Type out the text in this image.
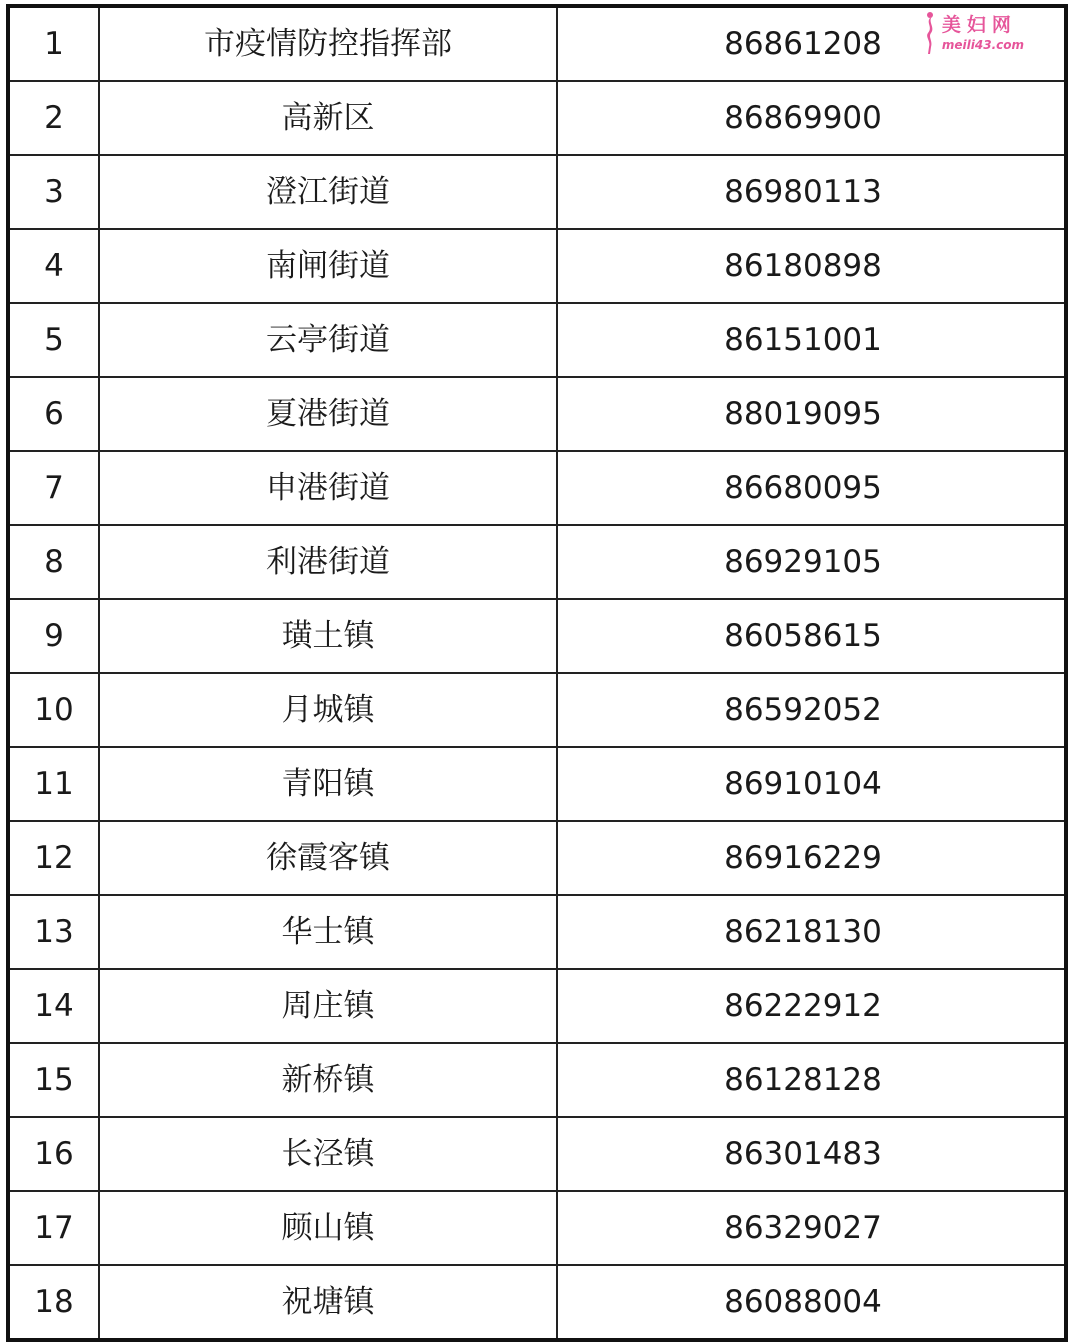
1	市疫情防控指挥部	86861208
2	高新区	86869900
3	澄江街道	86980113
4	南闸街道	86180898
5	云亭街道	86151001
6	夏港街道	88019095
7	申港街道	86680095
8	利港街道	86929105
9	璜土镇	86058615
10	月城镇	86592052
11	青阳镇	86910104
12	徐霞客镇	86916229
13	华士镇	86218130
14	周庄镇	86222912
15	新桥镇	86128128
16	长泾镇	86301483
17	顾山镇	86329027
18	祝塘镇	86088004
美妇网
meili43.com
